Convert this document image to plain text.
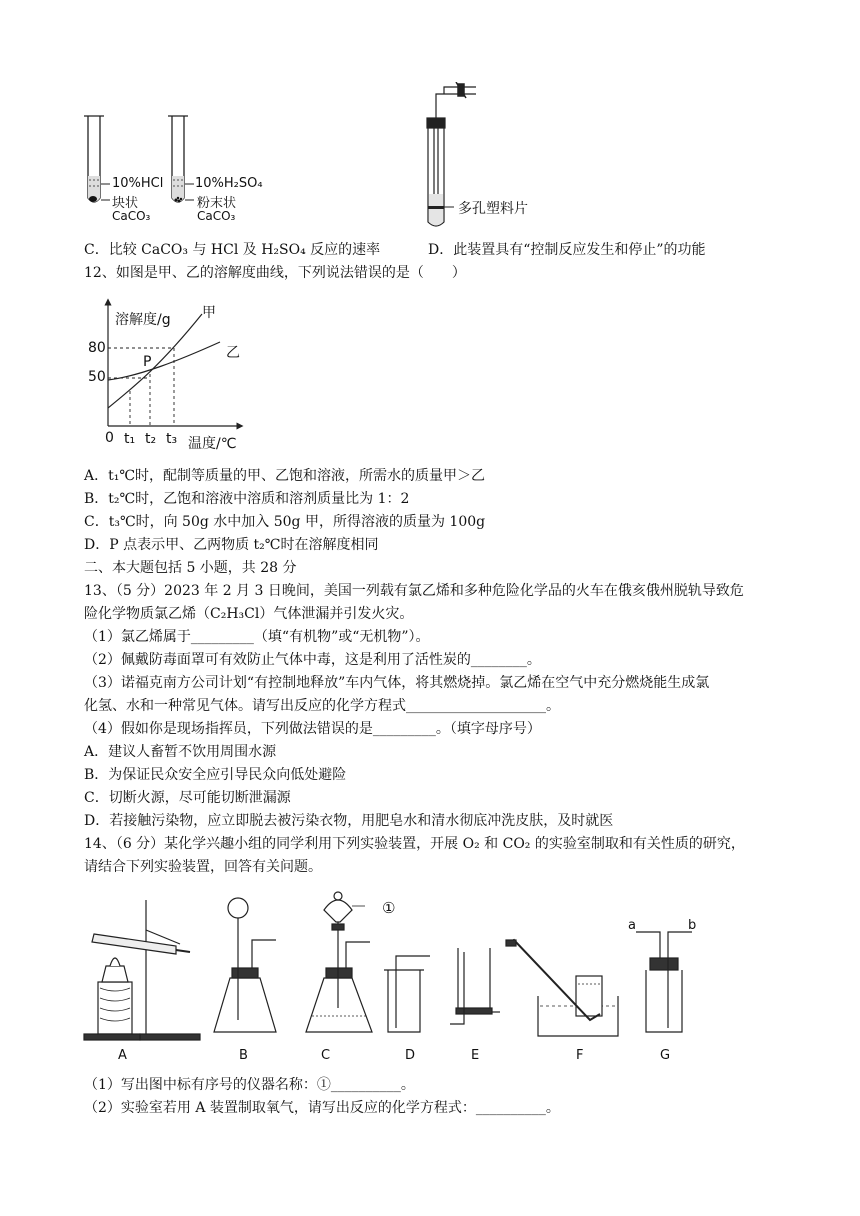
10%HCl
块状
CaCO₃
10%H₂SO₄
粉末状
CaCO₃	多孔塑料片
C．比较 CaCO₃ 与 HCl 及 H₂SO₄ 反应的速率	D．此装置具有“控制反应发生和停止”的功能
12、如图是甲、乙的溶解度曲线，下列说法错误的是（　　）
溶解度/g 甲
乙
P
80
50
0 t₁ t₂ t₃ 温度/℃
A．t₁℃时，配制等质量的甲、乙饱和溶液，所需水的质量甲＞乙
B．t₂℃时，乙饱和溶液中溶质和溶剂质量比为 1：2
C．t₃℃时，向 50g 水中加入 50g 甲，所得溶液的质量为 100g
D．P 点表示甲、乙两物质 t₂℃时在溶解度相同
二、本大题包括 5 小题，共 28 分
13、（5 分）2023 年 2 月 3 日晚间，美国一列载有氯乙烯和多种危险化学品的火车在俄亥俄州脱轨导致危
险化学物质氯乙烯（C₂H₃Cl）气体泄漏并引发火灾。
（1）氯乙烯属于_________（填“有机物”或“无机物”）。
（2）佩戴防毒面罩可有效防止气体中毒，这是利用了活性炭的________。
（3）诺福克南方公司计划“有控制地释放”车内气体，将其燃烧掉。氯乙烯在空气中充分燃烧能生成氯
化氢、水和一种常见气体。请写出反应的化学方程式____________________。
（4）假如你是现场指挥员，下列做法错误的是_________。（填字母序号）
A．建议人畜暂不饮用周围水源
B．为保证民众安全应引导民众向低处避险
C．切断火源，尽可能切断泄漏源
D．若接触污染物，应立即脱去被污染衣物，用肥皂水和清水彻底冲洗皮肤，及时就医
14、（6 分）某化学兴趣小组的同学利用下列实验装置，开展 O₂ 和 CO₂ 的实验室制取和有关性质的研究，
请结合下列实验装置，回答有关问题。
①
a	b
A	B	C	D	E	F	G
（1）写出图中标有序号的仪器名称：①__________。
（2）实验室若用 A 装置制取氧气，请写出反应的化学方程式：__________。
